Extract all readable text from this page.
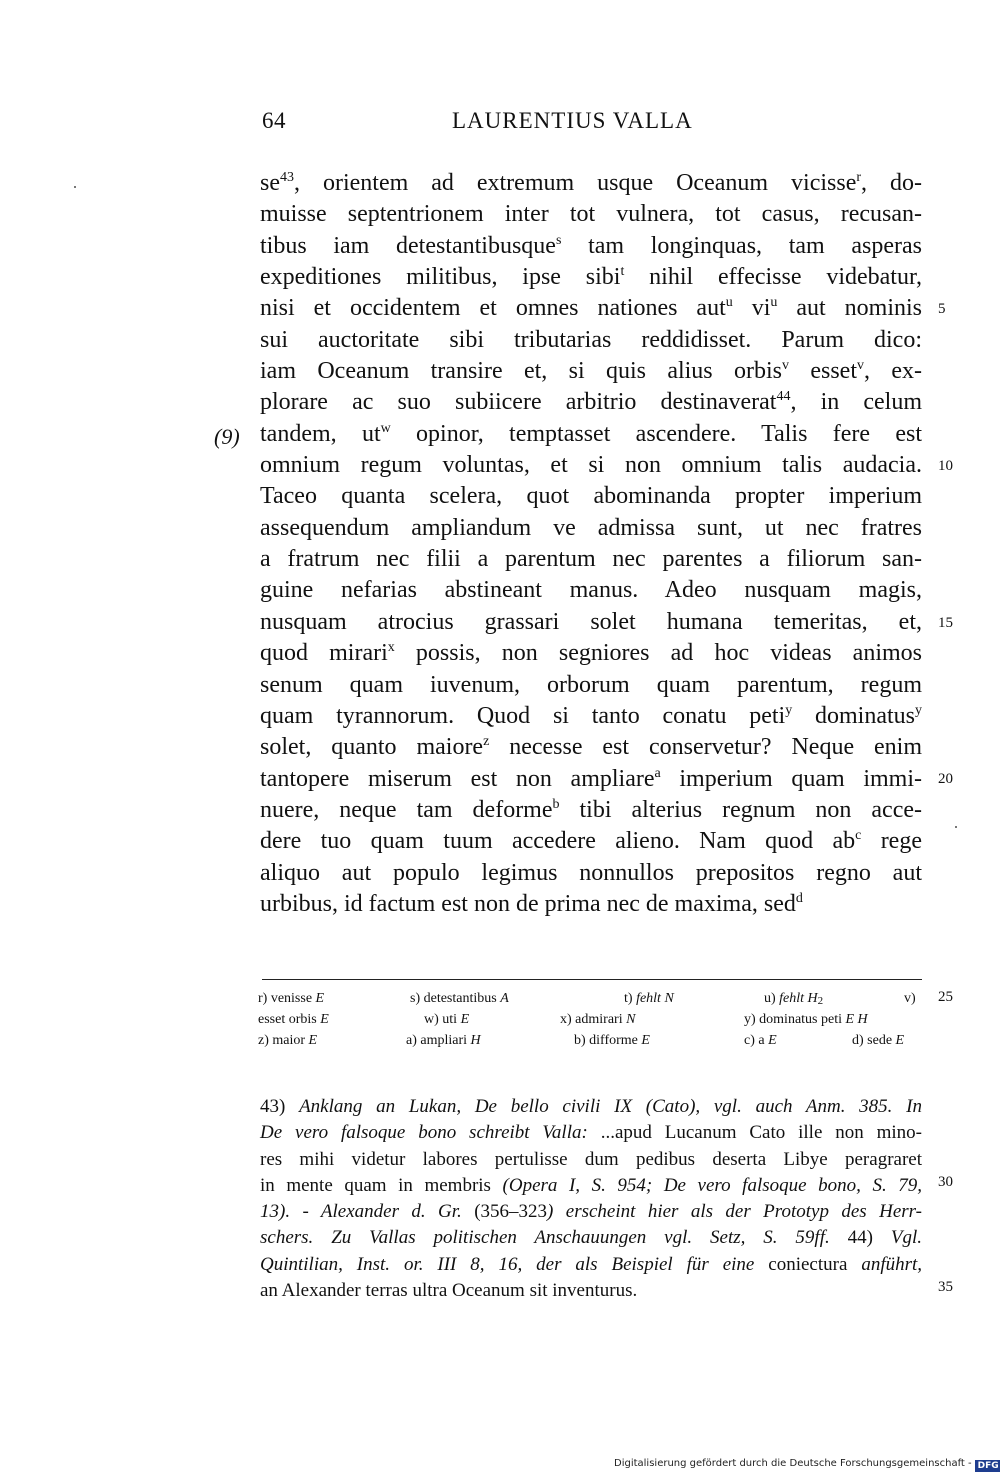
64	LAURENTIUS VALLA
(9)
$se^{43}$, orientem ad extremum usque Oceanum vicisse$^r$, do-
muisse septentrionem inter tot vulnera, tot casus, recusan-
tibus iam detestantibusque$^s$ tam longinquas, tam asperas
expeditiones militibus, ipse sibi$^t$ nihil effecisse videbatur,
nisi et occidentem et omnes nationes aut$^u$ $vi^u$ aut nominis
sui auctoritate sibi tributarias reddidisset. Parum dico:
iam Oceanum transire et, si quis alius orbis$^v$ esset$^v$, ex-
plorare ac suo subiicere arbitrio destinaverat$^{44}$, in celum
tandem, $ut^w$ opinor, temptasset ascendere. Talis fere est
omnium regum voluntas, et si non omnium talis audacia.
Taceo quanta scelera, quot abominanda propter imperium
assequendum ampliandum ve admissa sunt, ut nec fratres
a fratrum nec filii a parentum nec parentes a filiorum san-
guine nefarias abstineant manus. Adeo nusquam magis,
nusquam atrocius grassari solet humana temeritas, et,
quod mirari$^x$ possis, non segniores ad hoc videas animos
senum quam iuvenum, orborum quam parentum, regum
quam tyrannorum. Quod si tanto conatu peti$^y$ dominatus$^y$
solet, quanto maiore$^z$ necesse est conservetur? Neque enim
tantopere miserum est non ampliare$^a$ imperium quam immi-
nuere, neque tam deforme$^b$ tibi alterius regnum non acce-
dere tuo quam tuum accedere alieno. Nam quod $ab^c$ rege
aliquo aut populo legimus nonnullos prepositos regno aut
urbibus, id factum est non de prima nec de maxima, sed$^d$
5
10
15
20
25
30
35
r) venisse E	s) detestantibus A	t) fehlt N	u) fehlt $H_2$	v)
esset orbis E	w) uti E	x) admirari N	y) dominatus peti E H
z) maior E	a) ampliari H	b) difforme E	c) a E	d) sede E
43) Anklang an Lukan, De bello civili IX (Cato), vgl. auch Anm. 385. In
De vero falsoque bono schreibt Valla: ...apud Lucanum Cato ille non mino-
res mihi videtur labores pertulisse dum pedibus deserta Libye peragraret
in mente quam in membris (Opera I, S. 954; De vero falsoque bono, S. 79,
13). - Alexander d. Gr. (356–323) erscheint hier als der Prototyp des Herr-
schers. Zu Vallas politischen Anschauungen vgl. Setz, S. 59ff. 44) Vgl.
Quintilian, Inst. or. III 8, 16, der als Beispiel für eine coniectura anführt,
an Alexander terras ultra Oceanum sit inventurus.
Digitalisierung gefördert durch die Deutsche Forschungsgemeinschaft - DFG
